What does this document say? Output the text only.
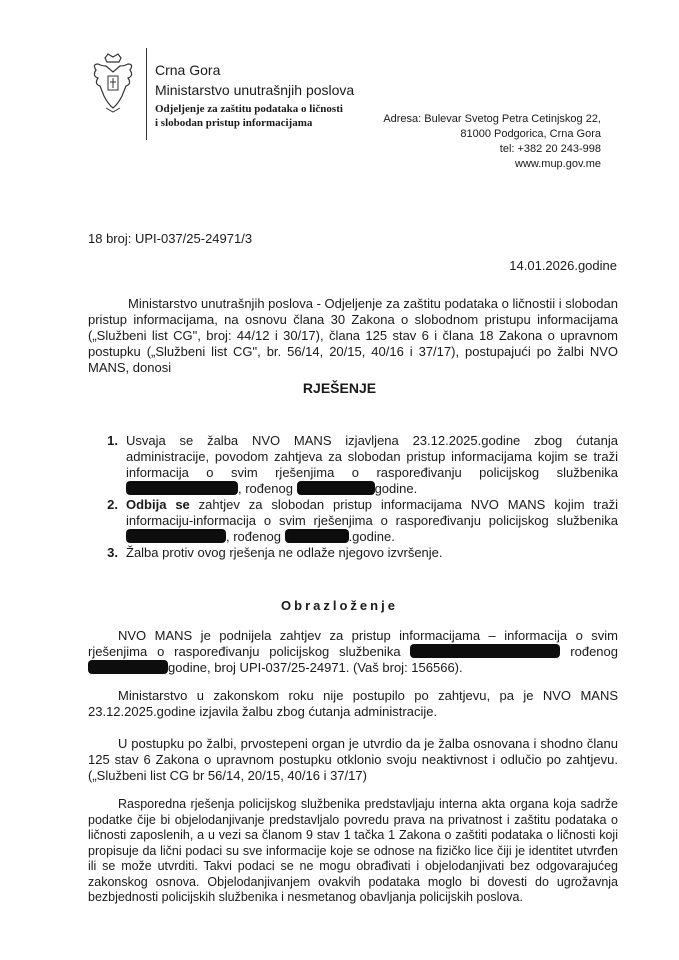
Crna Gora
Ministarstvo unutrašnjih poslova
Odjeljenje za zaštitu podataka o ličnosti
i slobodan pristup informacijama	Adresa: Bulevar Svetog Petra Cetinjskog 22,
81000 Podgorica, Crna Gora
tel: +382 20 243-998
www.mup.gov.me
18 broj: UPI-037/25-24971/3
14.01.2026.godine
Ministarstvo unutrašnjih poslova - Odjeljenje za zaštitu podataka o ličnostii i slobodan pristup informacijama, na osnovu člana 30 Zakona o slobodnom pristupu informacijama („Službeni list CG", broj: 44/12 i 30/17), člana 125 stav 6 i člana 18 Zakona o upravnom postupku („Službeni list CG", br. 56/14, 20/15, 40/16 i 37/17), postupajući po žalbi NVO MANS, donosi
RJEŠENJE
1. Usvaja se žalba NVO MANS izjavljena 23.12.2025.godine zbog ćutanja administracije, povodom zahtjeva za slobodan pristup informacijama kojim se traži informacija o svim rješenjima o raspoređivanju policijskog službenika , rođenog	godine.
2. Odbija se zahtjev za slobodan pristup informacijama NVO MANS kojim traži informaciju-informacija o svim rješenjima o raspoređivanju policijskog službenika , rođenog	.godine.
3. Žalba protiv ovog rješenja ne odlaže njegovo izvršenje.
Obrazloženje
NVO MANS je podnijela zahtjev za pristup informacijama – informacija o svim rješenjima o raspoređivanju policijskog službenika	rođenog godine, broj UPI-037/25-24971. (Vaš broj: 156566).
Ministarstvo u zakonskom roku nije postupilo po zahtjevu, pa je NVO MANS 23.12.2025.godine izjavila žalbu zbog ćutanja administracije.
U postupku po žalbi, prvostepeni organ je utvrdio da je žalba osnovana i shodno članu 125 stav 6 Zakona o upravnom postupku otklonio svoju neaktivnost i odlučio po zahtjevu. („Službeni list CG br 56/14, 20/15, 40/16 i 37/17)
Rasporedna rješenja policijskog službenika predstavljaju interna akta organa koja sadrže podatke čije bi objelodanjivanje predstavljalo povredu prava na privatnost i zaštitu podataka o ličnosti zaposlenih, a u vezi sa članom 9 stav 1 tačka 1 Zakona o zaštiti podataka o ličnosti koji propisuje da lični podaci su sve informacije koje se odnose na fizičko lice čiji je identitet utvrđen ili se može utvrditi. Takvi podaci se ne mogu obrađivati i objelodanjivati bez odgovarajućeg zakonskog osnova. Objelodanjivanjem ovakvih podataka moglo bi dovesti do ugrožavnja bezbjednosti policijskih službenika i nesmetanog obavljanja policijskih poslova.
